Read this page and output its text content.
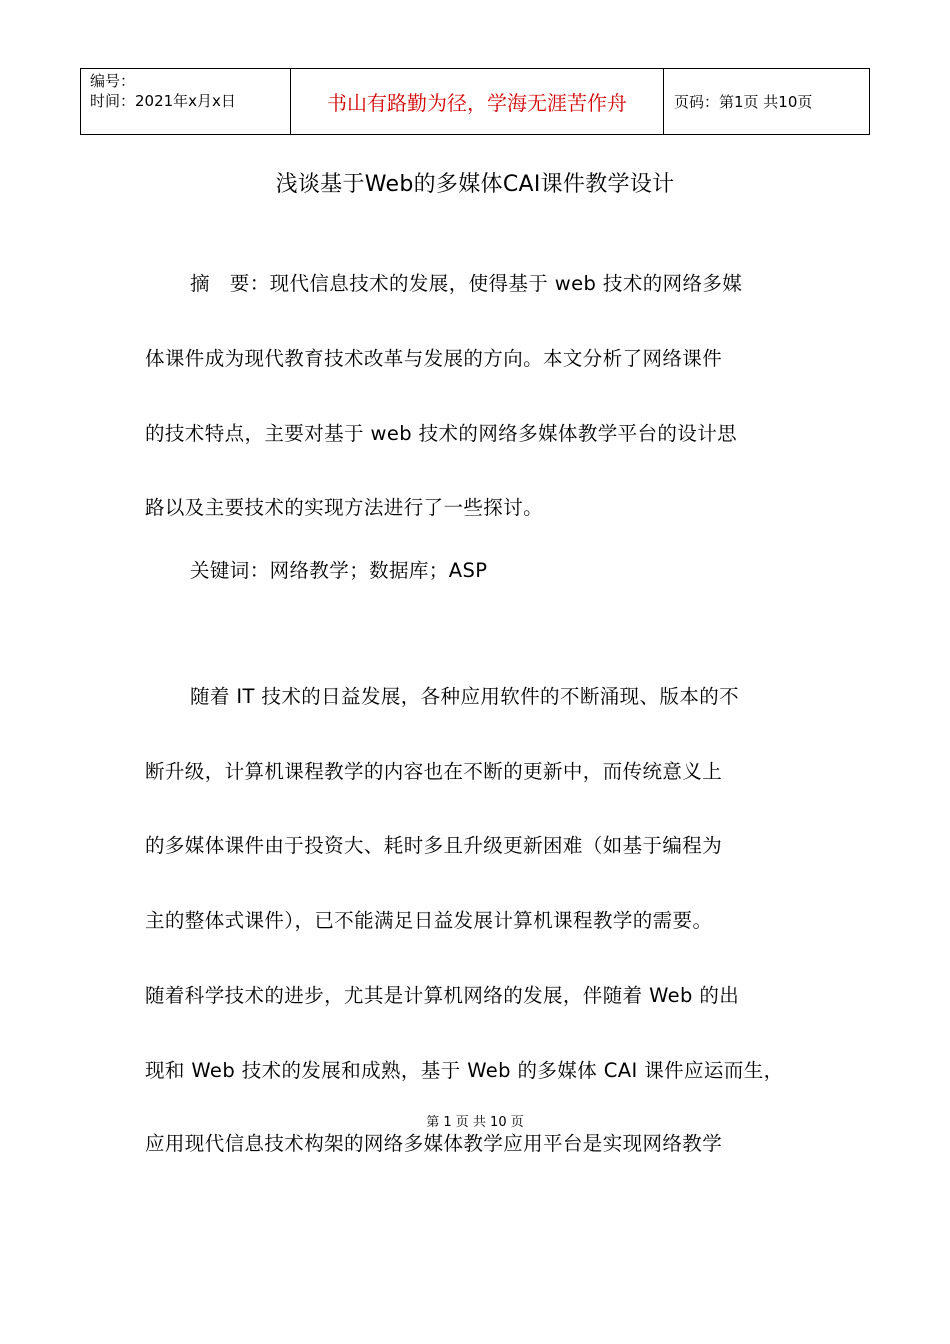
编号：
时间：2021年x月x日	书山有路勤为径，学海无涯苦作舟	页码：第1页 共10页
浅谈基于Web的多媒体CAI课件教学设计
摘　要：现代信息技术的发展，使得基于 web 技术的网络多媒
体课件成为现代教育技术改革与发展的方向。本文分析了网络课件
的技术特点，主要对基于 web 技术的网络多媒体教学平台的设计思
路以及主要技术的实现方法进行了一些探讨。
关键词：网络教学；数据库；ASP
随着 IT 技术的日益发展，各种应用软件的不断涌现、版本的不
断升级，计算机课程教学的内容也在不断的更新中，而传统意义上
的多媒体课件由于投资大、耗时多且升级更新困难（如基于编程为
主的整体式课件），已不能满足日益发展计算机课程教学的需要。
随着科学技术的进步，尤其是计算机网络的发展，伴随着 Web 的出
现和 Web 技术的发展和成熟，基于 Web 的多媒体 CAI 课件应运而生，
第 1 页 共 10 页
应用现代信息技术构架的网络多媒体教学应用平台是实现网络教学
